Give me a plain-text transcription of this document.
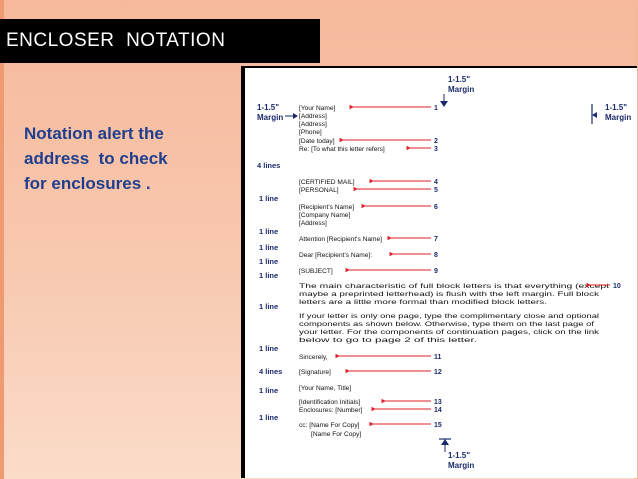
ENCLOSER  NOTATION
Notation alert the
address  to check
for enclosures .
1-1.5"
Margin
1-1.5"
Margin
1-1.5"
Margin
1-1.5"
Margin
4 lines
1 line
1 line
1 line
1 line
1 line
1 line
1 line
4 lines
1 line
1 line
[Your Name]
[Address]
[Address]
[Phone]
[Date today]
Re: [To what this letter refers]
[CERTIFIED MAIL]
[PERSONAL]
[Recipient's Name]
[Company Name]
[Address]
Attention [Recipient's Name]
Dear [Recipient's Name]:
[SUBJECT]
The main characteristic of full block letters is that everything (except
maybe a preprinted letterhead) is flush with the left margin. Full block
letters are a little more formal than modified block letters.
If your letter is only one page, type the complimentary close and optional
components as shown below. Otherwise, type them on the last page of
your letter. For the components of continuation pages, click on the link
below to go to page 2 of this letter.
Sincerely,
[Signature]
[Your Name, Title]
[Identification Initials]
Enclosures: [Number]
cc: [Name For Copy]
[Name For Copy]
1
2
3
4
5
6
7
8
9
10
11
12
13
14
15
